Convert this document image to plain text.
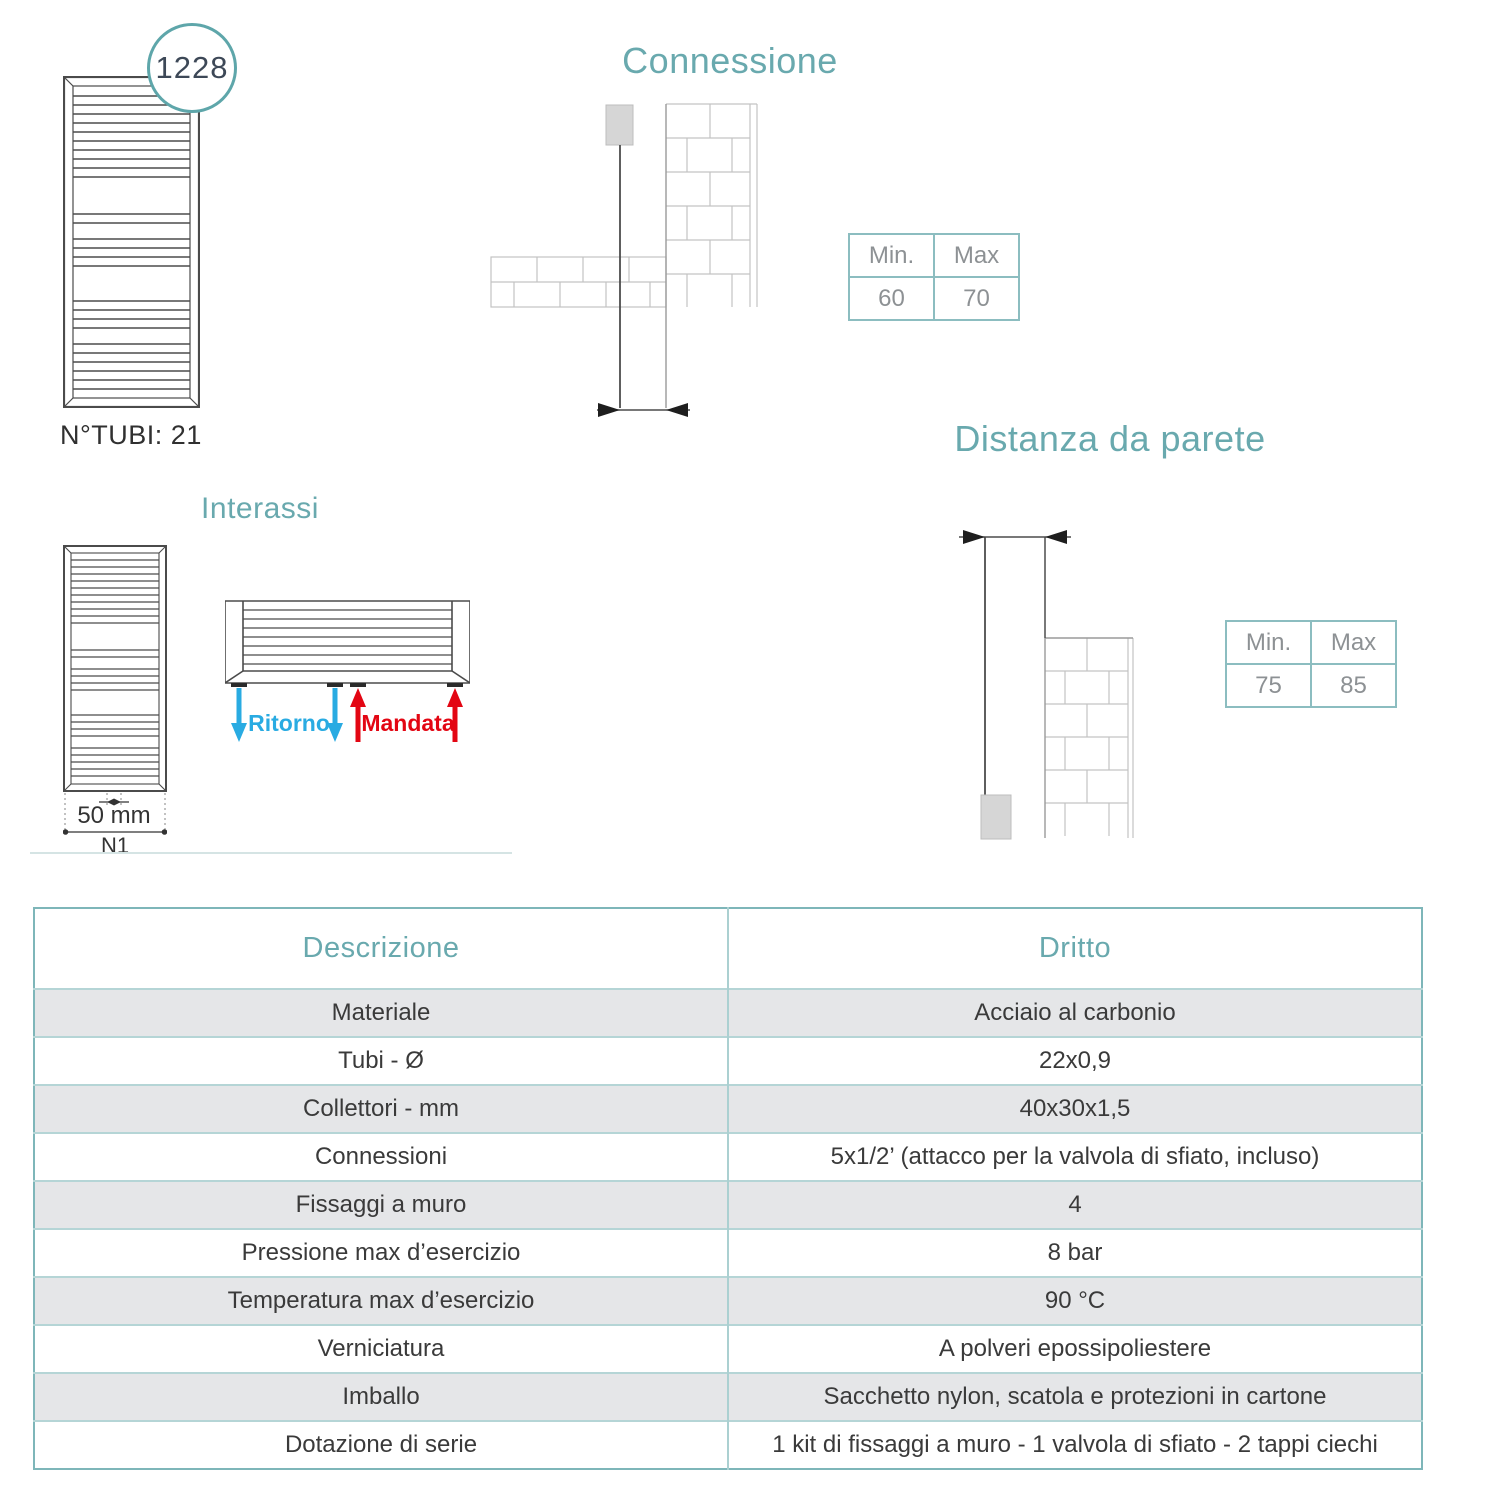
1228
N°TUBI: 21
Connessione
Min.	Max
60	70
Distanza da parete
Min.	Max
75	85
Interassi
50 mm
N1
Ritorno Mandata
Descrizione	Dritto
Materiale	Acciaio al carbonio
Tubi - Ø	22x0,9
Collettori - mm	40x30x1,5
Connessioni	5x1/2’ (attacco per la valvola di sfiato, incluso)
Fissaggi a muro	4
Pressione max d’esercizio	8 bar
Temperatura max d’esercizio	90 °C
Verniciatura	A polveri epossipoliestere
Imballo	Sacchetto nylon, scatola e protezioni in cartone
Dotazione di serie	1 kit di fissaggi a muro - 1 valvola di sfiato - 2 tappi ciechi
